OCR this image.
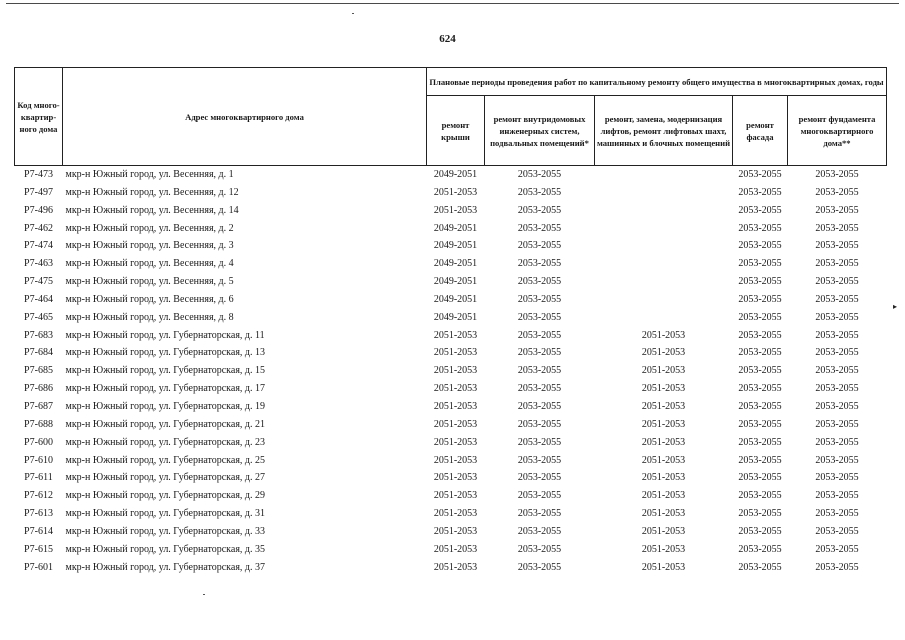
624
Код много-квартир-ного дома	Адрес многоквартирного дома	Плановые периоды проведения работ по капитальному ремонту общего имущества в многоквартирных домах, годы				
		ремонт крыши	ремонт внутридомовых инженерных систем, подвальных помещений*	ремонт, замена, модернизация лифтов, ремонт лифтовых шахт, машинных и блочных помещений	ремонт фасада	ремонт фундамента многоквартирного дома**
Р7-473	мкр-н Южный город, ул. Весенняя, д. 1	2049-2051	2053-2055		2053-2055	2053-2055
Р7-497	мкр-н Южный город, ул. Весенняя, д. 12	2051-2053	2053-2055		2053-2055	2053-2055
Р7-496	мкр-н Южный город, ул. Весенняя, д. 14	2051-2053	2053-2055		2053-2055	2053-2055
Р7-462	мкр-н Южный город, ул. Весенняя, д. 2	2049-2051	2053-2055		2053-2055	2053-2055
Р7-474	мкр-н Южный город, ул. Весенняя, д. 3	2049-2051	2053-2055		2053-2055	2053-2055
Р7-463	мкр-н Южный город, ул. Весенняя, д. 4	2049-2051	2053-2055		2053-2055	2053-2055
Р7-475	мкр-н Южный город, ул. Весенняя, д. 5	2049-2051	2053-2055		2053-2055	2053-2055
Р7-464	мкр-н Южный город, ул. Весенняя, д. 6	2049-2051	2053-2055		2053-2055	2053-2055
Р7-465	мкр-н Южный город, ул. Весенняя, д. 8	2049-2051	2053-2055		2053-2055	2053-2055
Р7-683	мкр-н Южный город, ул. Губернаторская, д. 11	2051-2053	2053-2055	2051-2053	2053-2055	2053-2055
Р7-684	мкр-н Южный город, ул. Губернаторская, д. 13	2051-2053	2053-2055	2051-2053	2053-2055	2053-2055
Р7-685	мкр-н Южный город, ул. Губернаторская, д. 15	2051-2053	2053-2055	2051-2053	2053-2055	2053-2055
Р7-686	мкр-н Южный город, ул. Губернаторская, д. 17	2051-2053	2053-2055	2051-2053	2053-2055	2053-2055
Р7-687	мкр-н Южный город, ул. Губернаторская, д. 19	2051-2053	2053-2055	2051-2053	2053-2055	2053-2055
Р7-688	мкр-н Южный город, ул. Губернаторская, д. 21	2051-2053	2053-2055	2051-2053	2053-2055	2053-2055
Р7-600	мкр-н Южный город, ул. Губернаторская, д. 23	2051-2053	2053-2055	2051-2053	2053-2055	2053-2055
Р7-610	мкр-н Южный город, ул. Губернаторская, д. 25	2051-2053	2053-2055	2051-2053	2053-2055	2053-2055
Р7-611	мкр-н Южный город, ул. Губернаторская, д. 27	2051-2053	2053-2055	2051-2053	2053-2055	2053-2055
Р7-612	мкр-н Южный город, ул. Губернаторская, д. 29	2051-2053	2053-2055	2051-2053	2053-2055	2053-2055
Р7-613	мкр-н Южный город, ул. Губернаторская, д. 31	2051-2053	2053-2055	2051-2053	2053-2055	2053-2055
Р7-614	мкр-н Южный город, ул. Губернаторская, д. 33	2051-2053	2053-2055	2051-2053	2053-2055	2053-2055
Р7-615	мкр-н Южный город, ул. Губернаторская, д. 35	2051-2053	2053-2055	2051-2053	2053-2055	2053-2055
Р7-601	мкр-н Южный город, ул. Губернаторская, д. 37	2051-2053	2053-2055	2051-2053	2053-2055	2053-2055
▸
